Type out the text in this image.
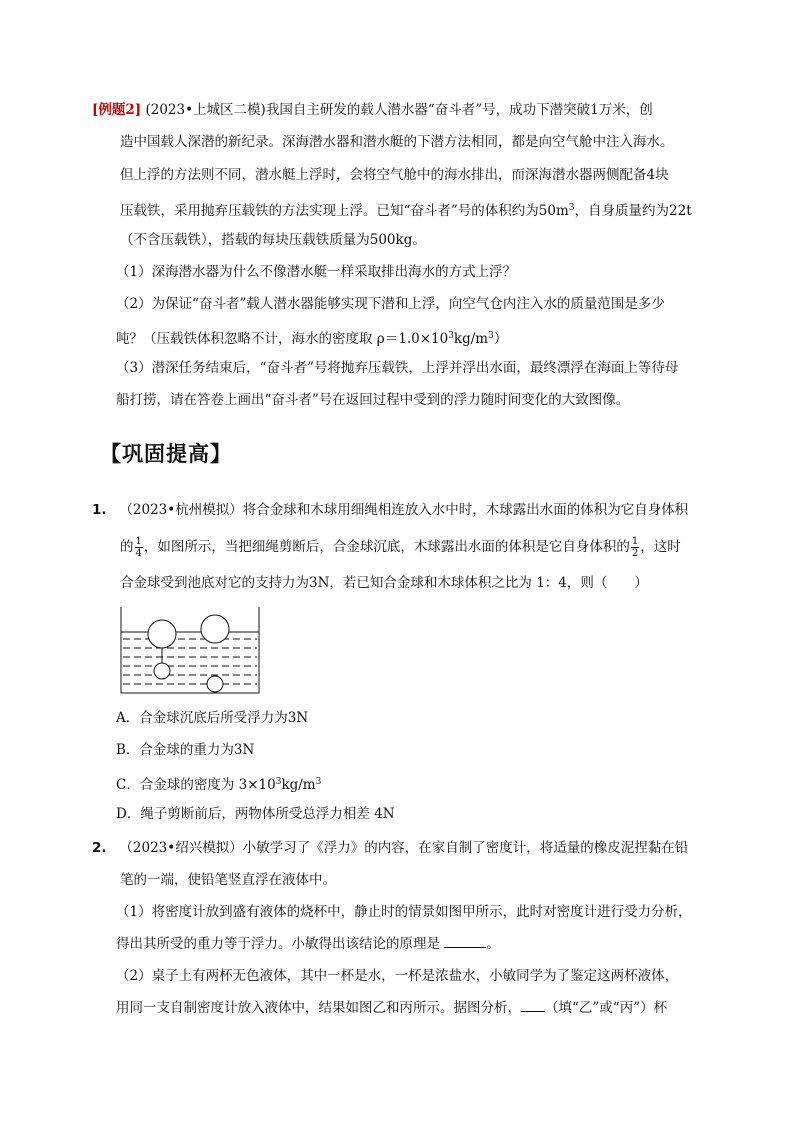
[例题2] (2023•上城区二模)我国自主研发的载人潜水器“奋斗者”号，成功下潜突破1万米，创
造中国载人深潜的新纪录。深海潜水器和潜水艇的下潜方法相同，都是向空气舱中注入海水。
但上浮的方法则不同，潜水艇上浮时，会将空气舱中的海水排出，而深海潜水器两侧配备4块
压载铁，采用抛弃压载铁的方法实现上浮。已知“奋斗者”号的体积约为$50m^3$，自身质量约为22t
（不含压载铁），搭载的每块压载铁质量为500kg。
（1）深海潜水器为什么不像潜水艇一样采取排出海水的方式上浮？
（2）为保证“奋斗者”载人潜水器能够实现下潜和上浮，向空气仓内注入水的质量范围是多少
吨？（压载铁体积忽略不计，海水的密度取 $\rho=1.0\times 10^3kg/m^3$）
（3）潜深任务结束后，“奋斗者”号将抛弃压载铁，上浮并浮出水面，最终漂浮在海面上等待母
船打捞，请在答卷上画出“奋斗者”号在返回过程中受到的浮力随时间变化的大致图像。
【巩固提高】
1. （2023•杭州模拟）将合金球和木球用细绳相连放入水中时，木球露出水面的体积为它自身体积
的 $\frac{1}{4}$ ，如图所示，当把细绳剪断后，合金球沉底，木球露出水面的体积是它自身体积的 $\frac{1}{2}$ ，这时
合金球受到池底对它的支持力为3N，若已知合金球和木球体积之比为 1：4，则（　　）
A．合金球沉底后所受浮力为3N
B．合金球的重力为3N
C．合金球的密度为 $3\times 10^3kg/m^3$
D．绳子剪断前后，两物体所受总浮力相差 4N
2. （2023•绍兴模拟）小敏学习了《浮力》的内容，在家自制了密度计，将适量的橡皮泥捏黏在铅
笔的一端，使铅笔竖直浮在液体中。
（1）将密度计放到盛有液体的烧杯中，静止时的情景如图甲所示，此时对密度计进行受力分析，
得出其所受的重力等于浮力。小敏得出该结论的原理是	。
（2）桌子上有两杯无色液体，其中一杯是水，一杯是浓盐水，小敏同学为了鉴定这两杯液体，
用同一支自制密度计放入液体中，结果如图乙和丙所示。据图分析， （填“乙”或“丙”）杯
